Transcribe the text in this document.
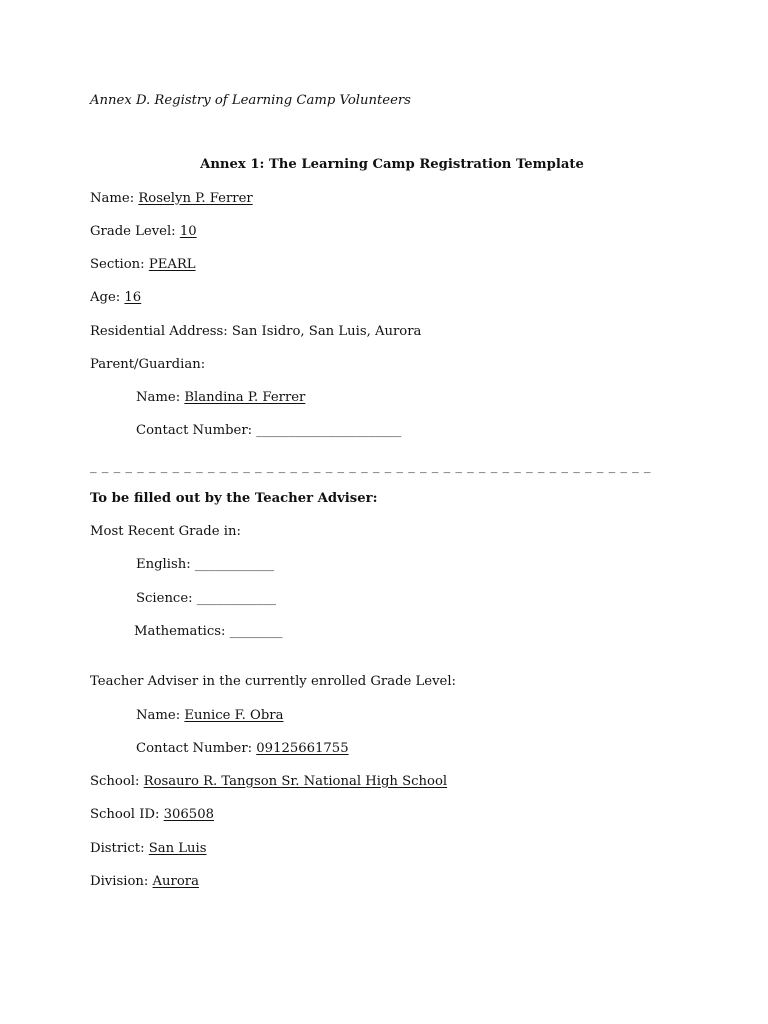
Annex D. Registry of Learning Camp Volunteers
Annex 1: The Learning Camp Registration Template
Name: Roselyn P. Ferrer
Grade Level: 10
Section: PEARL
Age: 16
Residential Address: San Isidro, San Luis, Aurora
Parent/Guardian:
Name: Blandina P. Ferrer
Contact Number: ______________________
_ _ _ _ _ _ _ _ _ _ _ _ _ _ _ _ _ _ _ _ _ _ _ _ _ _ _ _ _ _ _ _ _ _ _ _ _ _ _ _ _ _ _ _ _ _ _ _
To be filled out by the Teacher Adviser:
Most Recent Grade in:
English: ____________
Science: ____________
Mathematics: ________
Teacher Adviser in the currently enrolled Grade Level:
Name: Eunice F. Obra
Contact Number: 09125661755
School: Rosauro R. Tangson Sr. National High School
School ID: 306508
District: San Luis
Division: Aurora
